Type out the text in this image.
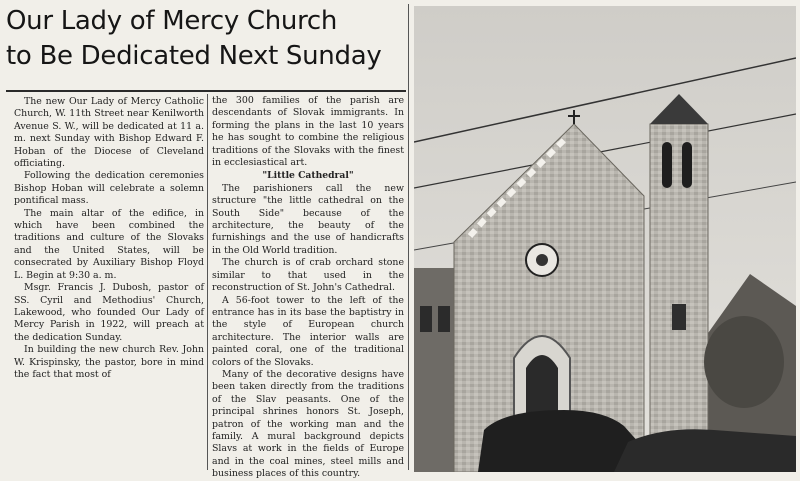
Our Lady of Mercy Church
to Be Dedicated Next Sunday

The new Our Lady of Mercy Catholic Church, W. 11th Street near Kenilworth Avenue S. W., will be dedicated at 11 a. m. next Sunday with Bishop Edward F. Hoban of the Diocese of Cleveland officiating.

Following the dedication ceremonies Bishop Hoban will celebrate a solemn pontifical mass.

The main altar of the edifice, in which have been combined the traditions and culture of the Slovaks and the United States, will be consecrated by Auxiliary Bishop Floyd L. Begin at 9:30 a. m.

Msgr. Francis J. Dubosh, pastor of SS. Cyril and Methodius' Church, Lakewood, who founded Our Lady of Mercy Parish in 1922, will preach at the dedication Sunday.

In building the new church Rev. John W. Krispinsky, the pastor, bore in mind the fact that most of

the 300 families of the parish are descendants of Slovak immigrants. In forming the plans in the last 10 years he has sought to combine the religious traditions of the Slovaks with the finest in ecclesiastical art.

"Little Cathedral"

The parishioners call the new structure "the little cathedral on the South Side" because of the architecture, the beauty of the furnishings and the use of handicrafts in the Old World tradition.

The church is of crab orchard stone similar to that used in the reconstruction of St. John's Cathedral.

A 56-foot tower to the left of the entrance has in its base the baptistry in the style of European church architecture. The interior walls are painted coral, one of the traditional colors of the Slovaks.

Many of the decorative designs have been taken directly from the traditions of the Slav peasants. One of the principal shrines honors St. Joseph, patron of the working man and the family. A mural background depicts Slavs at work in the fields of Europe and in the coal mines, steel mills and business places of this country.
